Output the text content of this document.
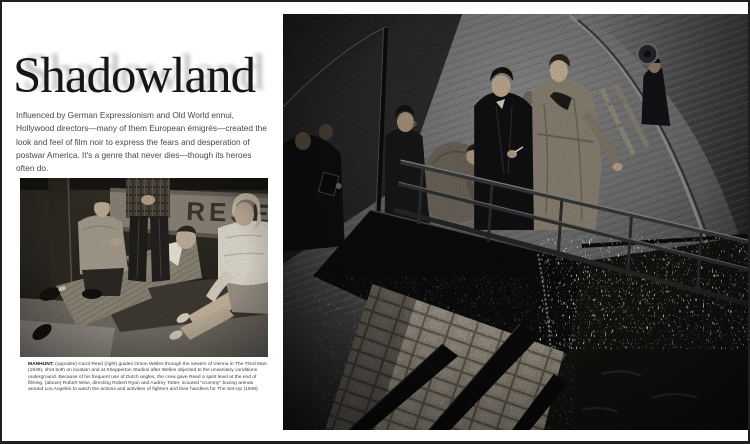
Shadowland

Influenced by German Expressionism and Old World ennui, Hollywood directors—many of them European émigrés—created the look and feel of film noir to express the fears and desperation of postwar America. It's a genre that never dies—though its heroes often do.

MANHUNT: (opposite) Carol Reed (right) guides Orson Welles through the sewers of Vienna in The Third Man (1949), shot both on location and at Shepperton Studios after Welles objected to the unsanitary conditions underground. Because of his frequent use of Dutch angles, the crew gave Reed a spirit level at the end of filming. (above) Robert Wise, directing Robert Ryan and Audrey Totter, scouted "crummy" boxing arenas around Los Angeles to watch the actions and activities of fighters and their handlers for The Set-Up (1949).
